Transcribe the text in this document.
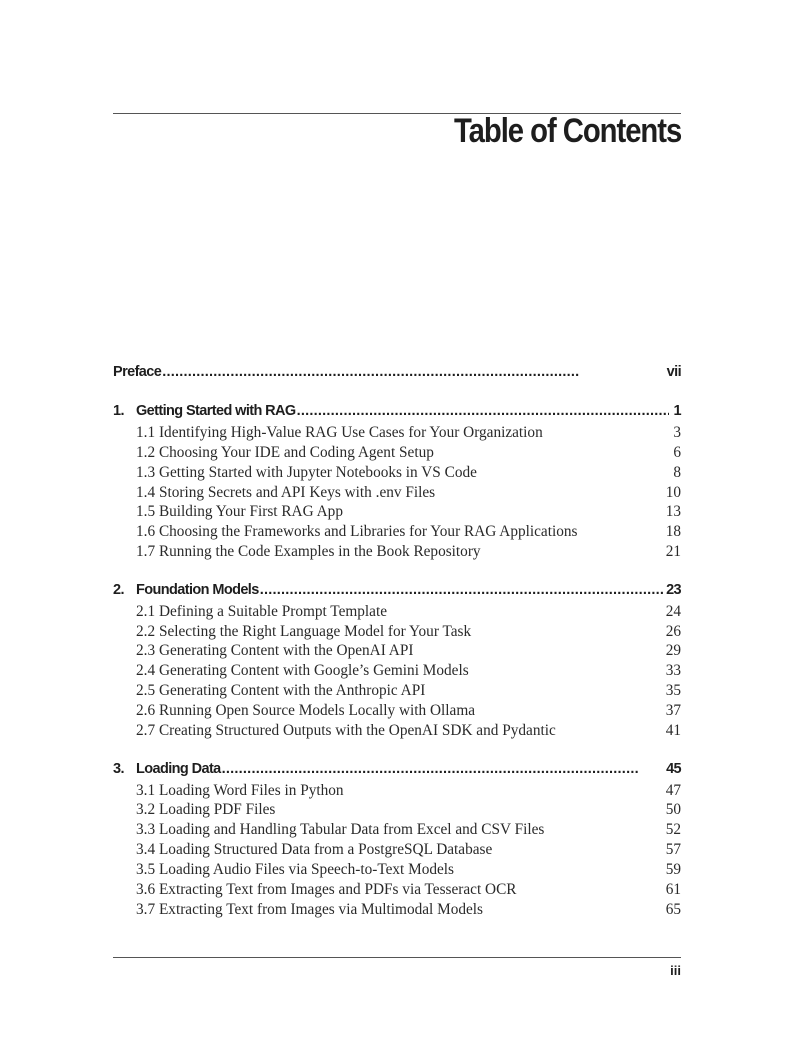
Table of Contents
Preface . . .	vii
1. Getting Started with RAG . . .	1
1.1 Identifying High-Value RAG Use Cases for Your Organization	3
1.2 Choosing Your IDE and Coding Agent Setup	6
1.3 Getting Started with Jupyter Notebooks in VS Code	8
1.4 Storing Secrets and API Keys with .env Files	10
1.5 Building Your First RAG App	13
1.6 Choosing the Frameworks and Libraries for Your RAG Applications	18
1.7 Running the Code Examples in the Book Repository	21
2. Foundation Models . . .	23
2.1 Defining a Suitable Prompt Template	24
2.2 Selecting the Right Language Model for Your Task	26
2.3 Generating Content with the OpenAI API	29
2.4 Generating Content with Google’s Gemini Models	33
2.5 Generating Content with the Anthropic API	35
2.6 Running Open Source Models Locally with Ollama	37
2.7 Creating Structured Outputs with the OpenAI SDK and Pydantic	41
3. Loading Data . . .	45
3.1 Loading Word Files in Python	47
3.2 Loading PDF Files	50
3.3 Loading and Handling Tabular Data from Excel and CSV Files	52
3.4 Loading Structured Data from a PostgreSQL Database	57
3.5 Loading Audio Files via Speech-to-Text Models	59
3.6 Extracting Text from Images and PDFs via Tesseract OCR	61
3.7 Extracting Text from Images via Multimodal Models	65
iii
